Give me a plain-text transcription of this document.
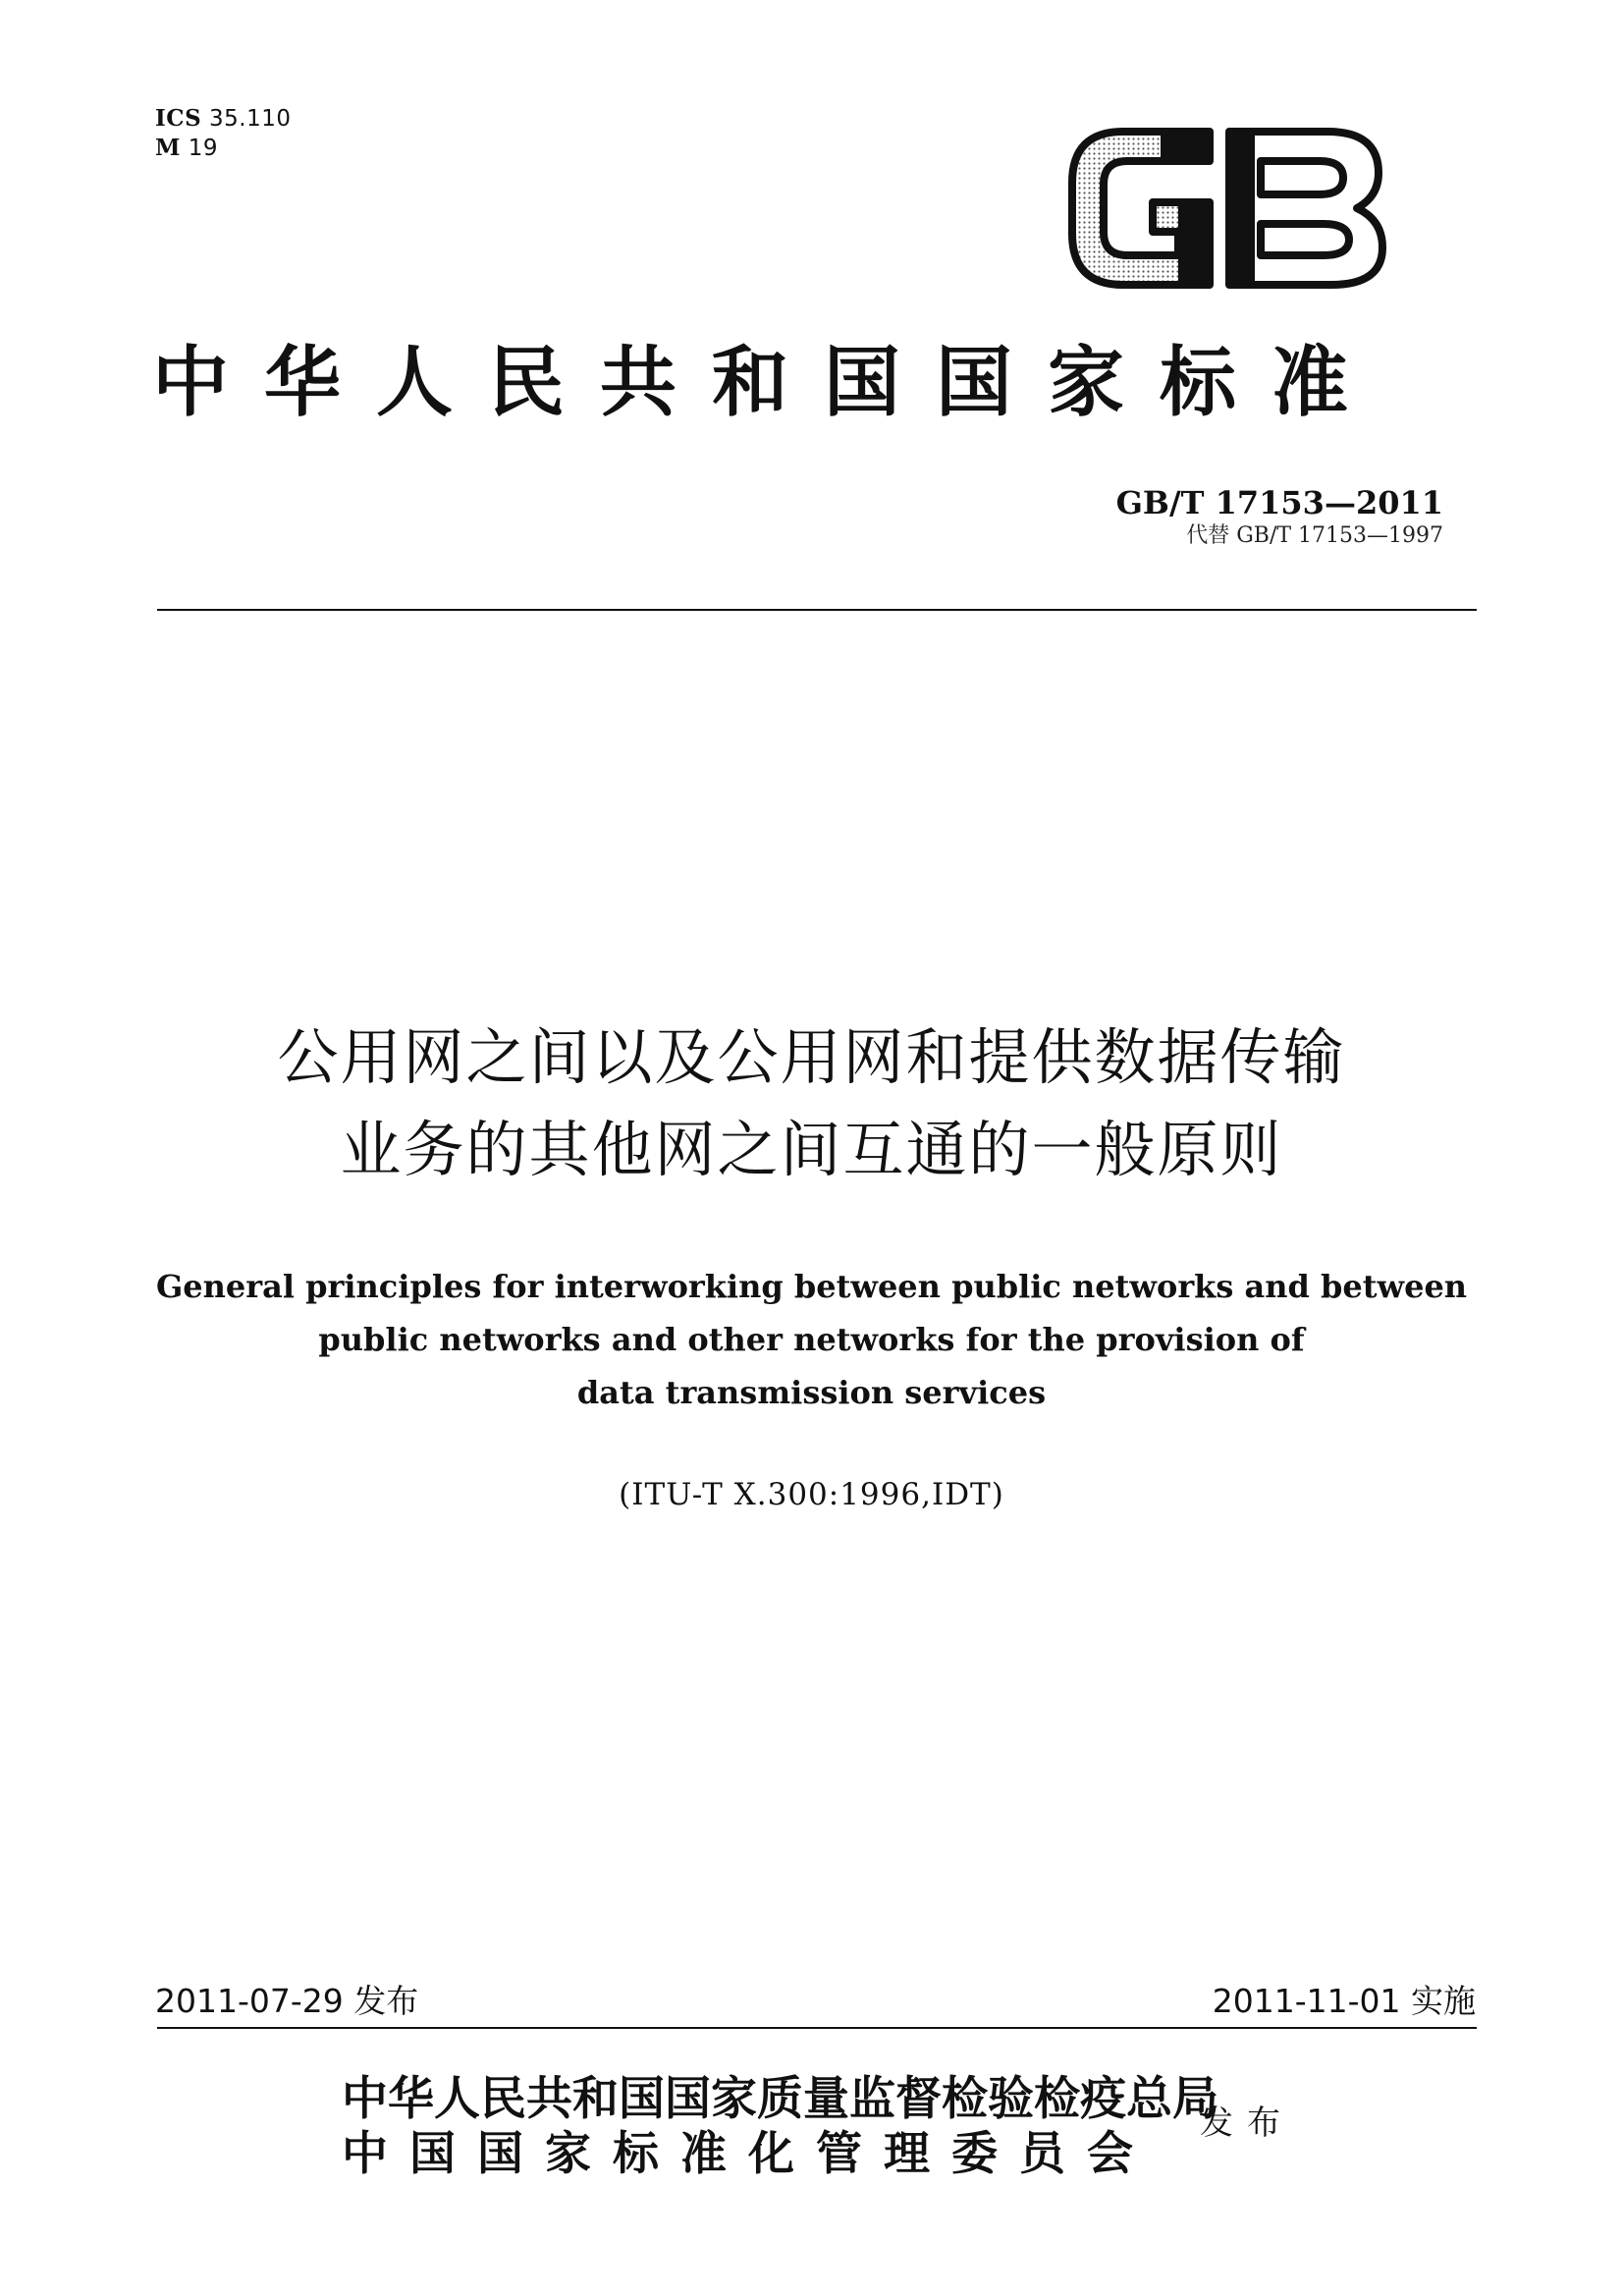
ICS 35.110
M 19
中华人民共和国国家标准
GB/T 17153—2011
代替 GB/T 17153—1997
公用网之间以及公用网和提供数据传输
业务的其他网之间互通的一般原则
General principles for interworking between public networks and between
public networks and other networks for the provision of
data transmission services
(ITU-T X.300:1996,IDT)
2011-07-29 发布	2011-11-01 实施
中华人民共和国国家质量监督检验检疫总局
中国国家标准化管理委员会
发布
